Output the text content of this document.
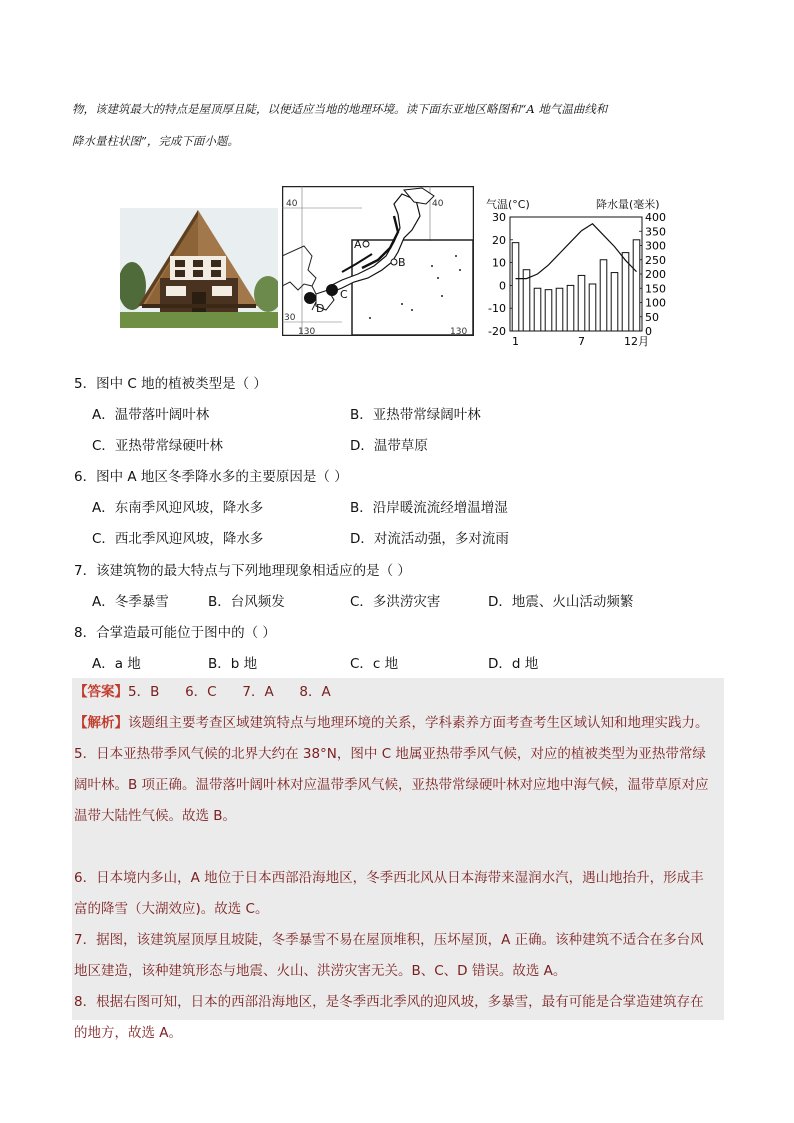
物，该建筑最大的特点是屋顶厚且陡，以便适应当地的地理环境。读下面东亚地区略图和“A 地气温曲线和
降水量柱状图”，完成下面小题。
40	40
30
130	130
A
B
C
D
气温(°C)	降水量(毫米)
30
20
10
0
-10
-20
400
350
300
250
200
150
100
50
0
1	7	12月
5．图中 C 地的植被类型是（ ）
A．温带落叶阔叶林	B．亚热带常绿阔叶林
C．亚热带常绿硬叶林	D．温带草原
6．图中 A 地区冬季降水多的主要原因是（ ）
A．东南季风迎风坡，降水多	B．沿岸暖流流经增温增湿
C．西北季风迎风坡，降水多	D．对流活动强，多对流雨
7．该建筑物的最大特点与下列地理现象相适应的是（ ）
A．冬季暴雪	B．台风频发	C．多洪涝灾害	D．地震、火山活动频繁
8．合掌造最可能位于图中的（ ）
A．a 地	B．b 地	C．c 地	D．d 地
【答案】5．B      6．C      7．A      8．A
【解析】该题组主要考查区域建筑特点与地理环境的关系，学科素养方面考查考生区域认知和地理实践力。
5．日本亚热带季风气候的北界大约在 38°N，图中 C 地属亚热带季风气候，对应的植被类型为亚热带常绿
阔叶林。B 项正确。温带落叶阔叶林对应温带季风气候，亚热带常绿硬叶林对应地中海气候，温带草原对应
温带大陆性气候。故选 B。
6．日本境内多山，A 地位于日本西部沿海地区，冬季西北风从日本海带来湿润水汽，遇山地抬升，形成丰
富的降雪（大湖效应)。故选 C。
7．据图，该建筑屋顶厚且坡陡，冬季暴雪不易在屋顶堆积，压坏屋顶，A 正确。该种建筑不适合在多台风
地区建造，该种建筑形态与地震、火山、洪涝灾害无关。B、C、D 错误。故选 A。
8．根据右图可知，日本的西部沿海地区，是冬季西北季风的迎风坡，多暴雪，最有可能是合掌造建筑存在
的地方，故选 A。
